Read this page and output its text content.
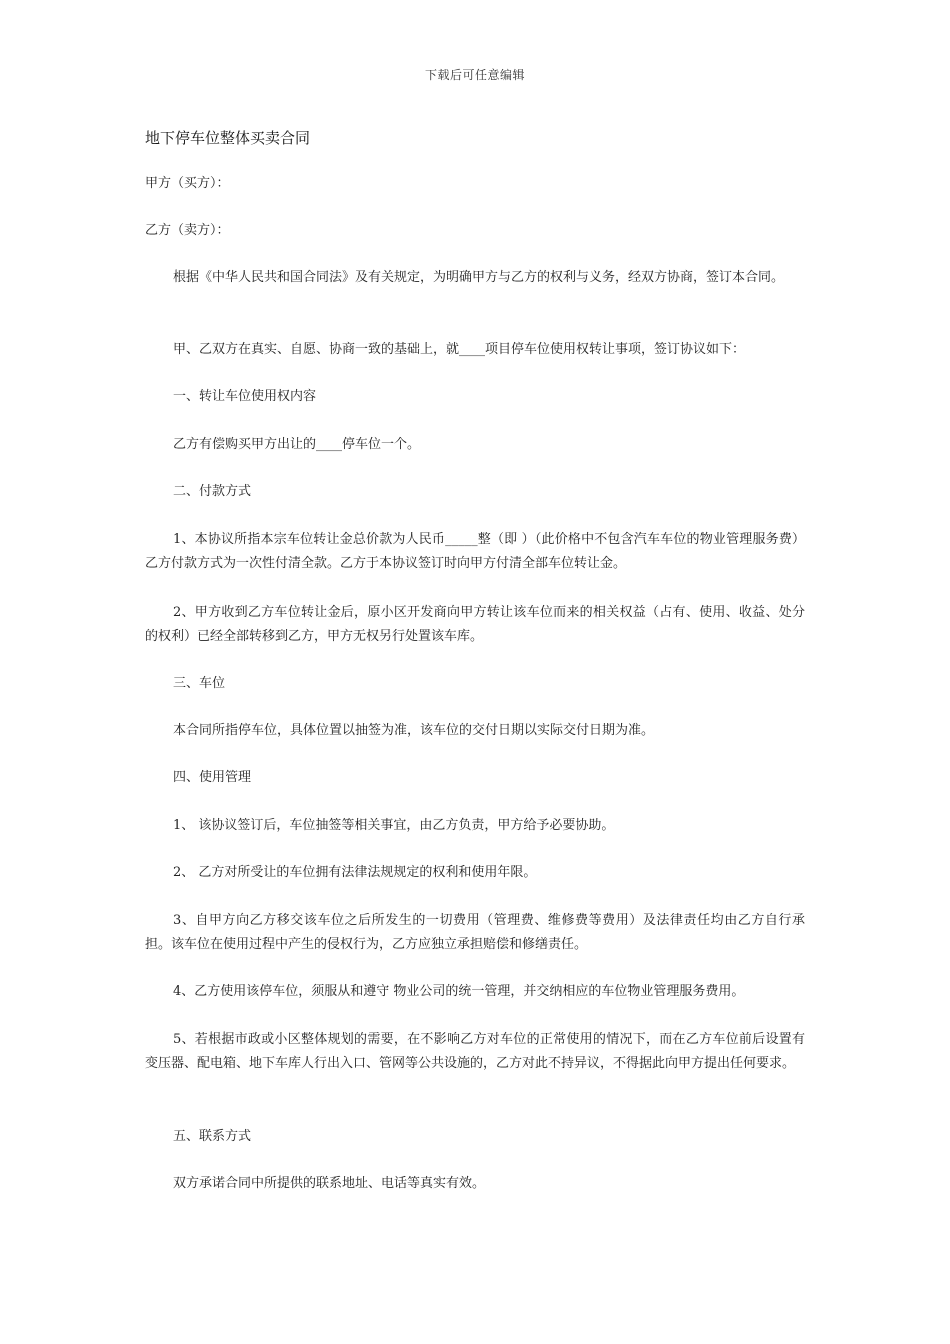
下载后可任意编辑
地下停车位整体买卖合同
甲方（买方）：
乙方（卖方）：
根据《中华人民共和国合同法》及有关规定，为明确甲方与乙方的权利与义务，经双方协商，签订本合同。
甲、乙双方在真实、自愿、协商一致的基础上，就____项目停车位使用权转让事项，签订协议如下：
一、转让车位使用权内容
乙方有偿购买甲方出让的____停车位一个。
二、付款方式
1、本协议所指本宗车位转让金总价款为人民币_____整（即 ）（此价格中不包含汽车车位的物业管理服务费）乙方付款方式为一次性付清全款。乙方于本协议签订时向甲方付清全部车位转让金。
2、甲方收到乙方车位转让金后，原小区开发商向甲方转让该车位而来的相关权益（占有、使用、收益、处分的权利）已经全部转移到乙方，甲方无权另行处置该车库。
三、车位
本合同所指停车位，具体位置以抽签为准，该车位的交付日期以实际交付日期为准。
四、使用管理
1、 该协议签订后，车位抽签等相关事宜，由乙方负责，甲方给予必要协助。
2、 乙方对所受让的车位拥有法律法规规定的权利和使用年限。
3、自甲方向乙方移交该车位之后所发生的一切费用（管理费、维修费等费用）及法律责任均由乙方自行承担。该车位在使用过程中产生的侵权行为，乙方应独立承担赔偿和修缮责任。
4、乙方使用该停车位，须服从和遵守 物业公司的统一管理，并交纳相应的车位物业管理服务费用。
5、若根据市政或小区整体规划的需要，在不影响乙方对车位的正常使用的情况下，而在乙方车位前后设置有变压器、配电箱、地下车库人行出入口、管网等公共设施的，乙方对此不持异议，不得据此向甲方提出任何要求。
五、联系方式
双方承诺合同中所提供的联系地址、电话等真实有效。
